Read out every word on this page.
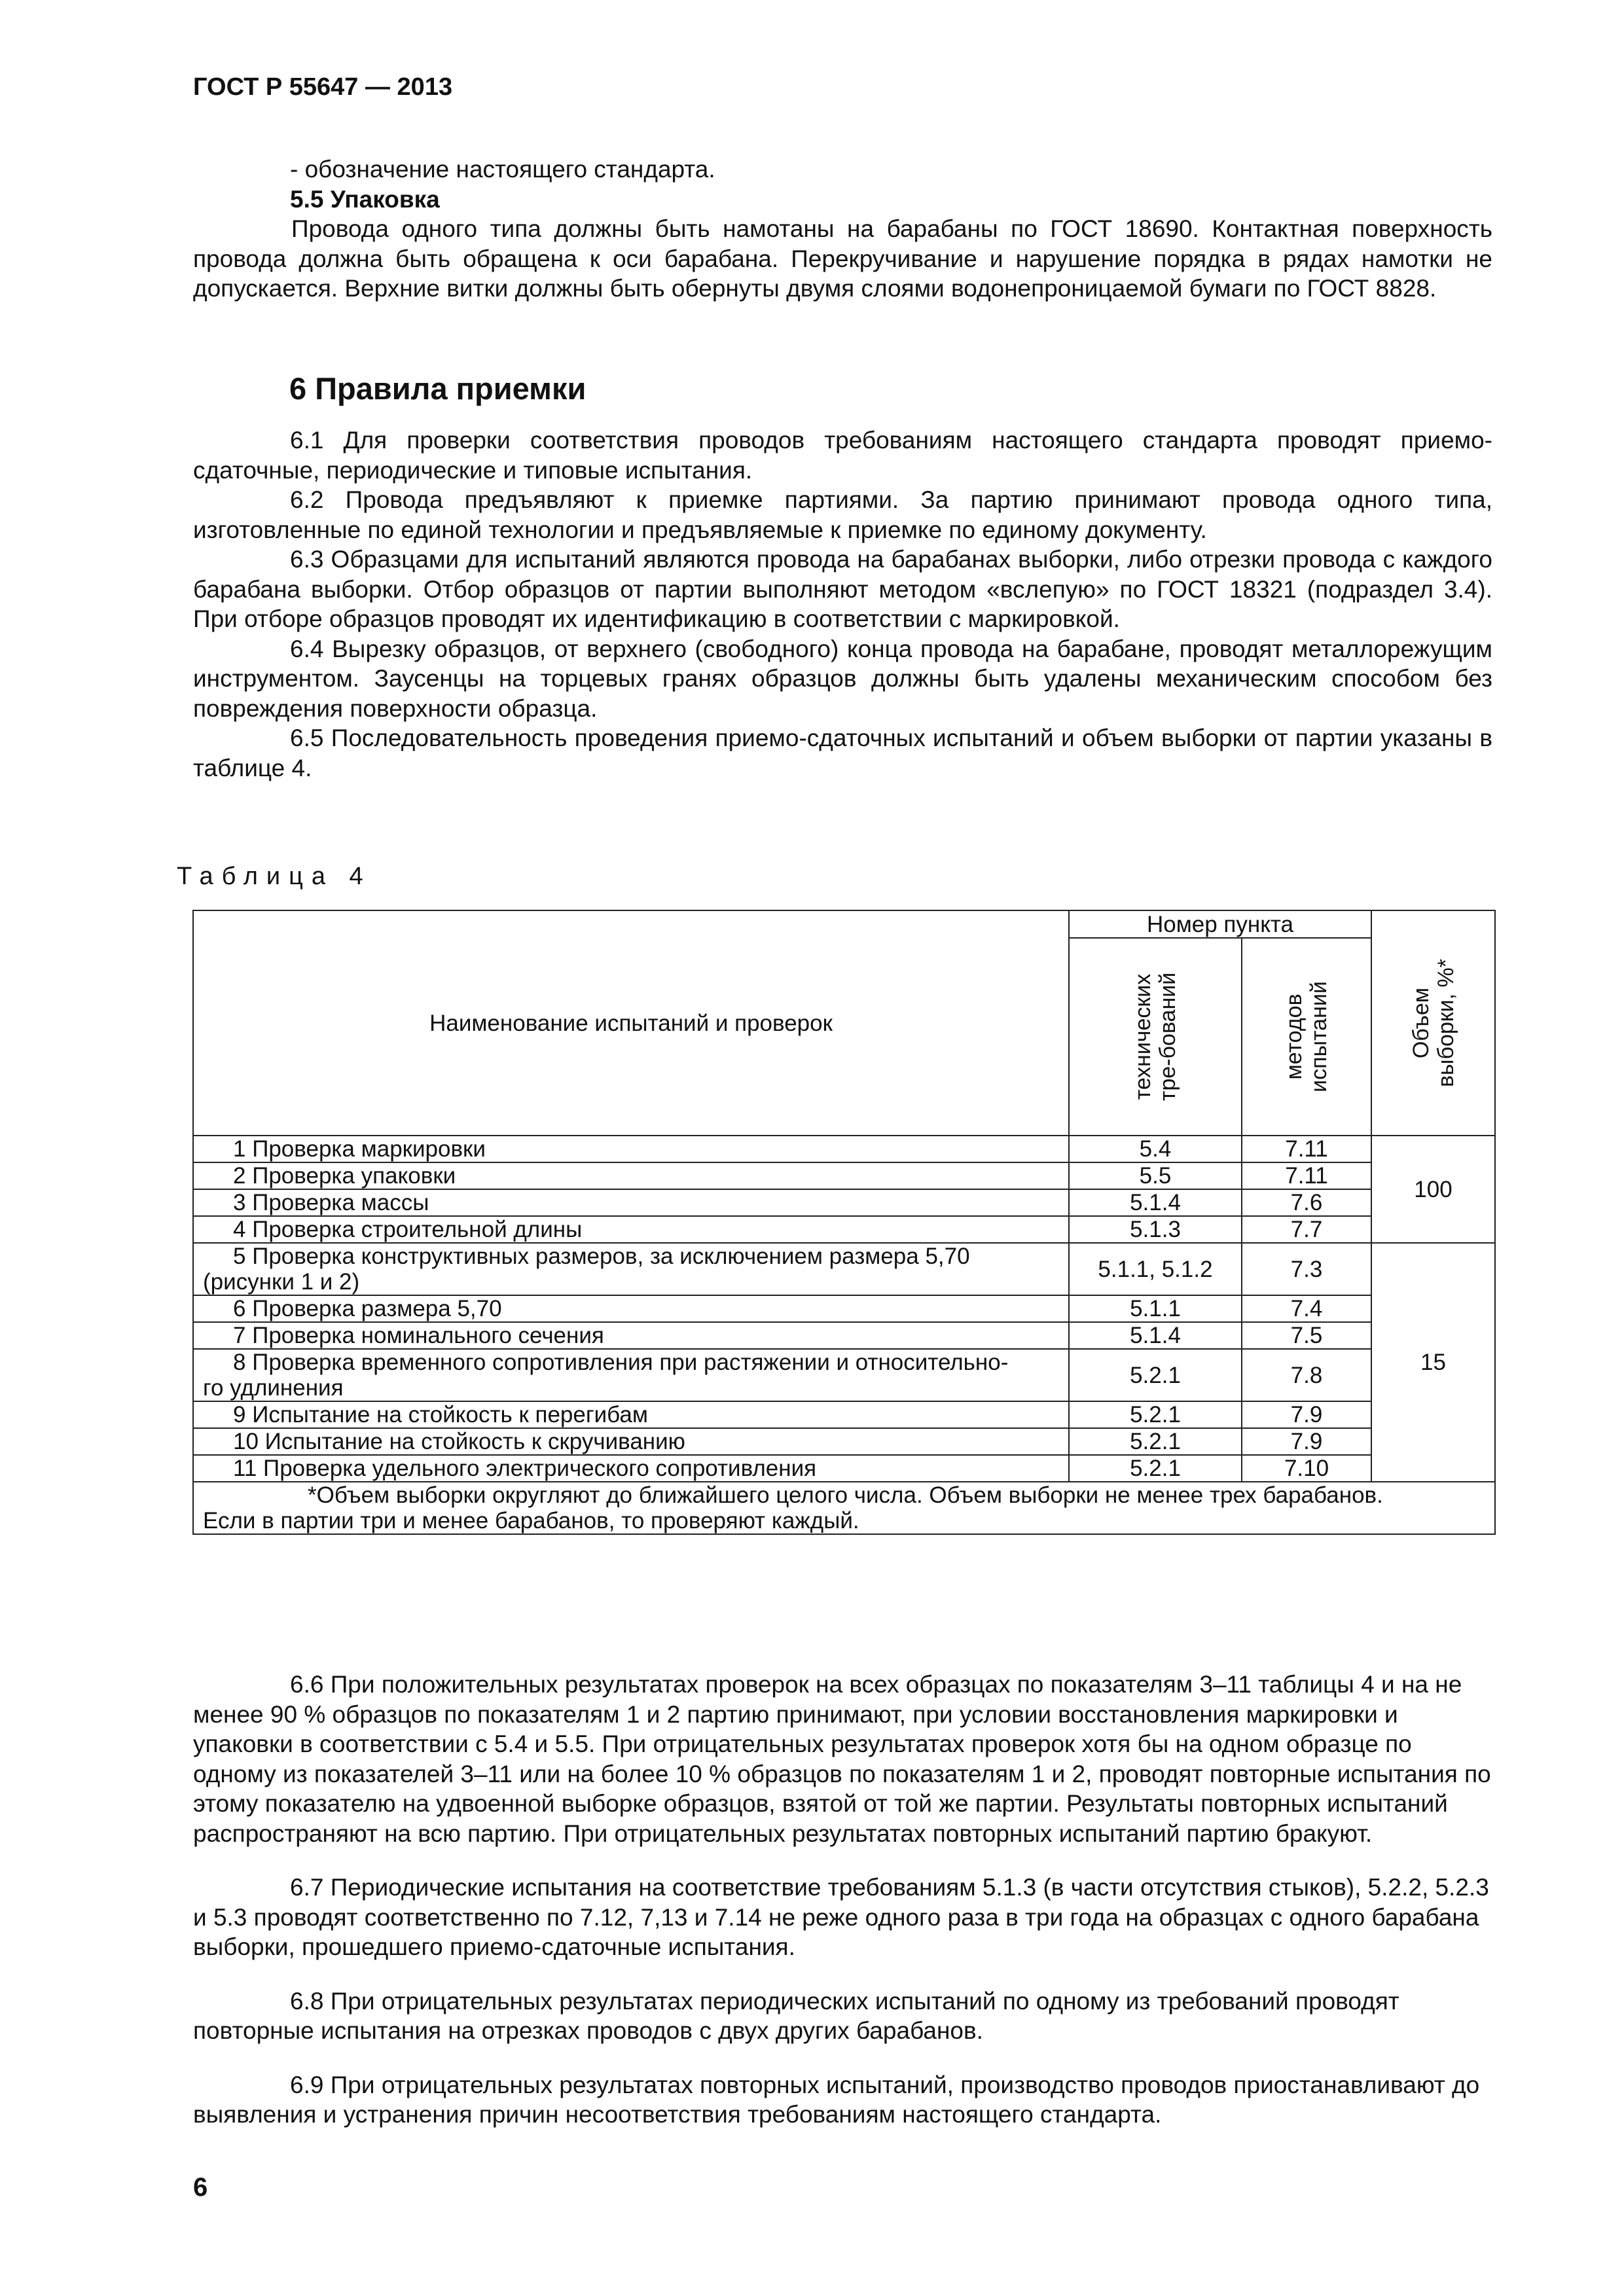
ГОСТ Р 55647 — 2013

- обозначение настоящего стандарта.

5.5 Упаковка

Провода одного типа должны быть намотаны на барабаны по ГОСТ 18690. Контактная поверхность провода должна быть обращена к оси барабана. Перекручивание и нарушение порядка в рядах намотки не допускается. Верхние витки должны быть обернуты двумя слоями водонепроницаемой бумаги по ГОСТ 8828.

6 Правила приемки

6.1 Для проверки соответствия проводов требованиям настоящего стандарта проводят приемо-сдаточные, периодические и типовые испытания.

6.2 Провода предъявляют к приемке партиями. За партию принимают провода одного типа, изготовленные по единой технологии и предъявляемые к приемке по единому документу.

6.3 Образцами для испытаний являются провода на барабанах выборки, либо отрезки провода с каждого барабана выборки. Отбор образцов от партии выполняют методом «вслепую» по ГОСТ 18321 (подраздел 3.4). При отборе образцов проводят их идентификацию в соответствии с маркировкой.

6.4 Вырезку образцов, от верхнего (свободного) конца провода на барабане, проводят металлорежущим инструментом. Заусенцы на торцевых гранях образцов должны быть удалены механическим способом без повреждения поверхности образца.

6.5 Последовательность проведения приемо-сдаточных испытаний и объем выборки от партии указаны в таблице 4.

Таблица 4
Наименование испытаний и проверок	Номер пункта		Объем выборки, %*

	технических тре-бований	методов испытаний	

1 Проверка маркировки	5.4	7.11	100
2 Проверка упаковки	5.5	7.11	
3 Проверка массы	5.1.4	7.6	
4 Проверка строительной длины	5.1.3	7.7	

5 Проверка конструктивных размеров, за исключением размера 5,70
(рисунки 1 и 2)	5.1.1, 5.1.2	7.3	15
6 Проверка размера 5,70	5.1.1	7.4	
7 Проверка номинального сечения	5.1.4	7.5	

8 Проверка временного сопротивления при растяжении и относительно-
го удлинения	5.2.1	7.8	
9 Испытание на стойкость к перегибам	5.2.1	7.9	
10 Испытание на стойкость к скручиванию	5.2.1	7.9	
11 Проверка удельного электрического сопротивления	5.2.1	7.10	

*Объем выборки округляют до ближайшего целого числа. Объем выборки не менее трех барабанов.
Если в партии три и менее барабанов, то проверяют каждый.			

6.6 При положительных результатах проверок на всех образцах по показателям 3–11 таблицы 4 и на не менее 90 % образцов по показателям 1 и 2 партию принимают, при условии восстановления маркировки и упаковки в соответствии с 5.4 и 5.5. При отрицательных результатах проверок хотя бы на одном образце по одному из показателей 3–11 или на более 10 % образцов по показателям 1 и 2, проводят повторные испытания по этому показателю на удвоенной выборке образцов, взятой от той же партии. Результаты повторных испытаний распространяют на всю партию. При отрицательных результатах повторных испытаний партию бракуют.

6.7 Периодические испытания на соответствие требованиям 5.1.3 (в части отсутствия стыков), 5.2.2, 5.2.3 и 5.3 проводят соответственно по 7.12, 7,13 и 7.14 не реже одного раза в три года на образцах с одного барабана выборки, прошедшего приемо-сдаточные испытания.

6.8 При отрицательных результатах периодических испытаний по одному из требований проводят повторные испытания на отрезках проводов с двух других барабанов.

6.9 При отрицательных результатах повторных испытаний, производство проводов приостанавливают до выявления и устранения причин несоответствия требованиям настоящего стандарта.

6
